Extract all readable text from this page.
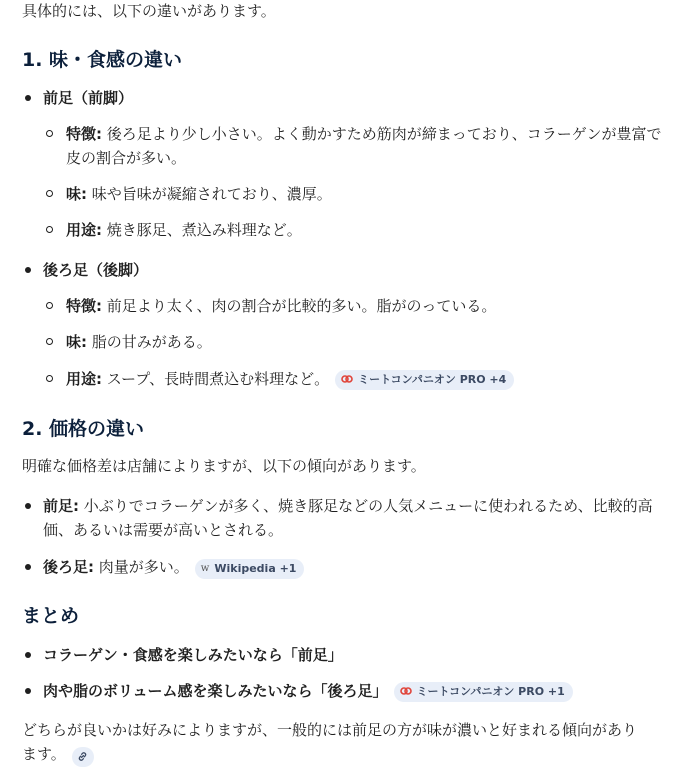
具体的には、以下の違いがあります。
1. 味・食感の違い
前足（前脚）
特徴: 後ろ足より少し小さい。よく動かすため筋肉が締まっており、コラーゲンが豊富で皮の割合が多い。
味: 味や旨味が凝縮されており、濃厚。
用途: 焼き豚足、煮込み料理など。
後ろ足（後脚）
特徴: 前足より太く、肉の割合が比較的多い。脂がのっている。
味: 脂の甘みがある。
用途: スープ、長時間煮込む料理など。	ミートコンパニオン PRO +4
2. 価格の違い
明確な価格差は店舗によりますが、以下の傾向があります。
前足: 小ぶりでコラーゲンが多く、焼き豚足などの人気メニューに使われるため、比較的高価、あるいは需要が高いとされる。
後ろ足: 肉量が多い。 w Wikipedia +1
まとめ
コラーゲン・食感を楽しみたいなら「前足」
肉や脂のボリューム感を楽しみたいなら「後ろ足」	ミートコンパニオン PRO +1
どちらが良いかは好みによりますが、一般的には前足の方が味が濃いと好まれる傾向があります。
